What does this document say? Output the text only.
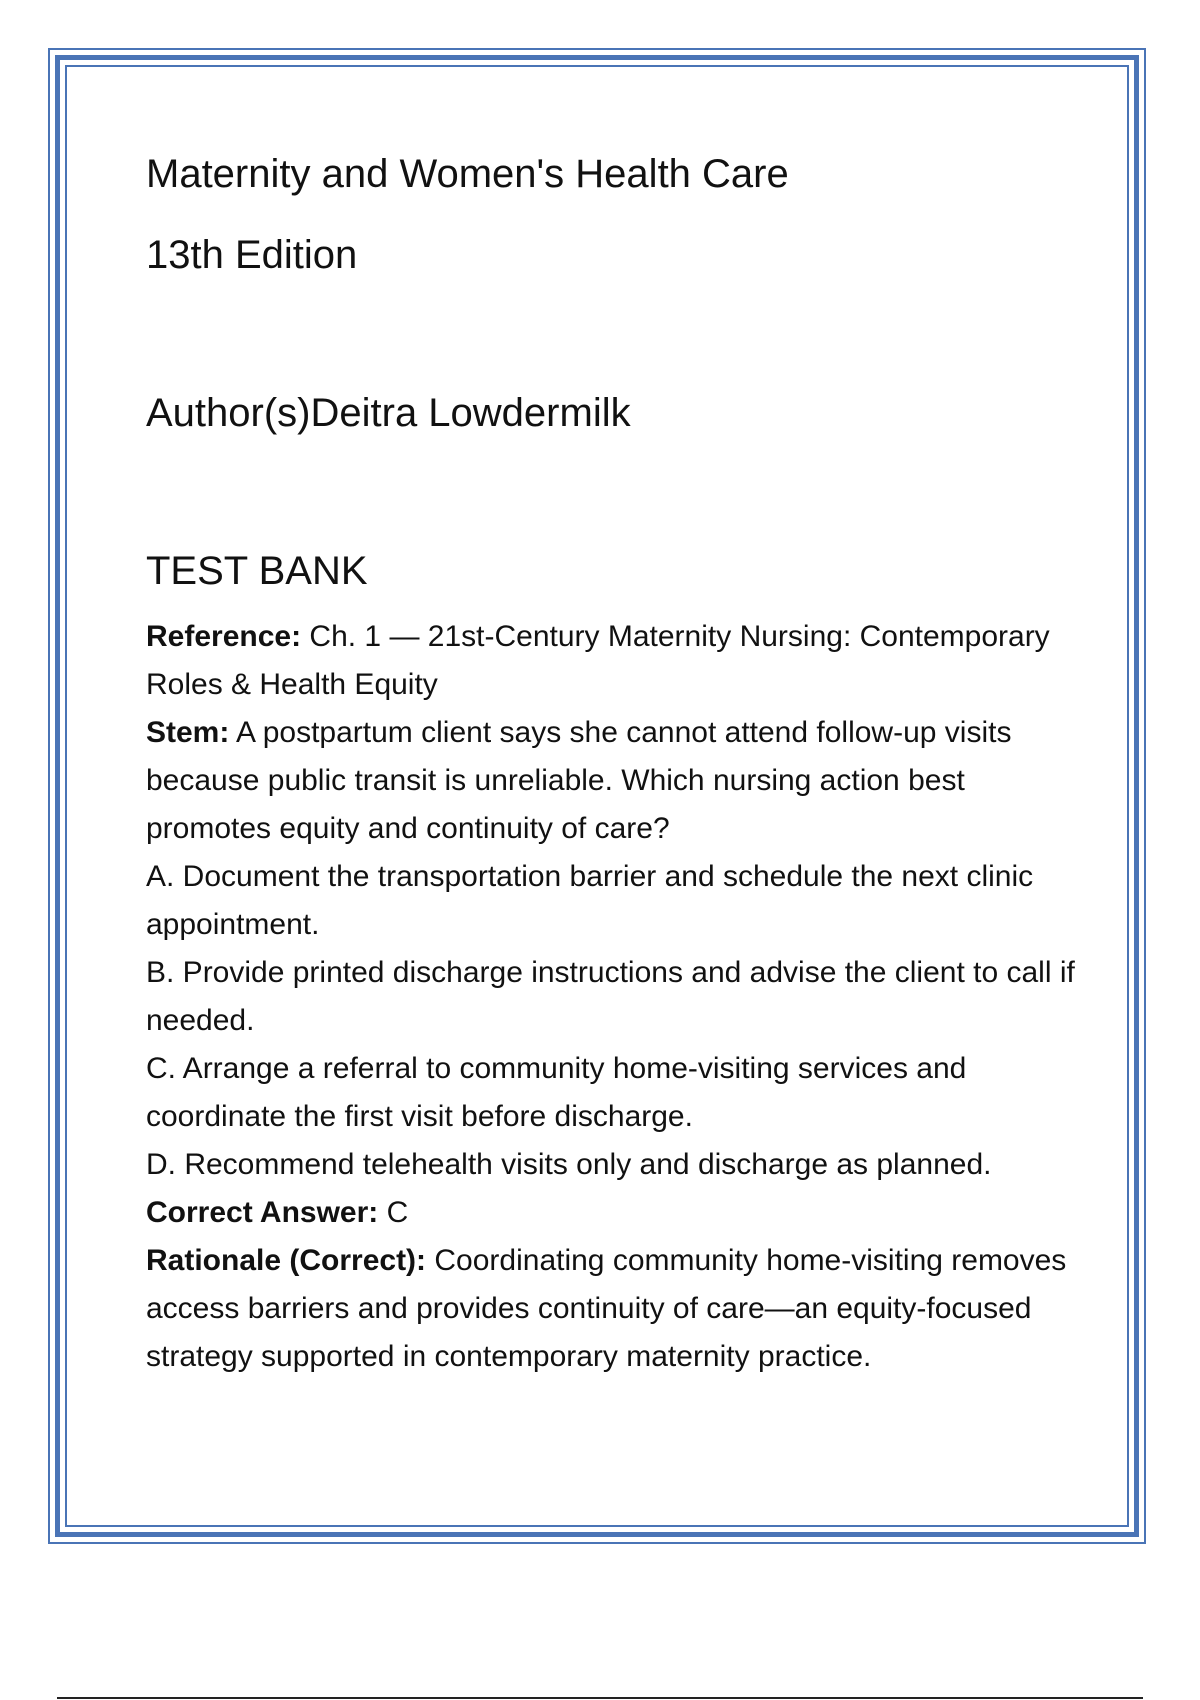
Maternity and Women's Health Care
13th Edition
Author(s)Deitra Lowdermilk
TEST BANK

Reference: Ch. 1 — 21st-Century Maternity Nursing: Contemporary Roles & Health Equity

Stem: A postpartum client says she cannot attend follow-up visits because public transit is unreliable. Which nursing action best promotes equity and continuity of care?

A. Document the transportation barrier and schedule the next clinic appointment.

B. Provide printed discharge instructions and advise the client to call if needed.

C. Arrange a referral to community home-visiting services and coordinate the first visit before discharge.

D. Recommend telehealth visits only and discharge as planned.

Correct Answer: C

Rationale (Correct): Coordinating community home-visiting removes access barriers and provides continuity of care—an equity-focused strategy supported in contemporary maternity practice.
